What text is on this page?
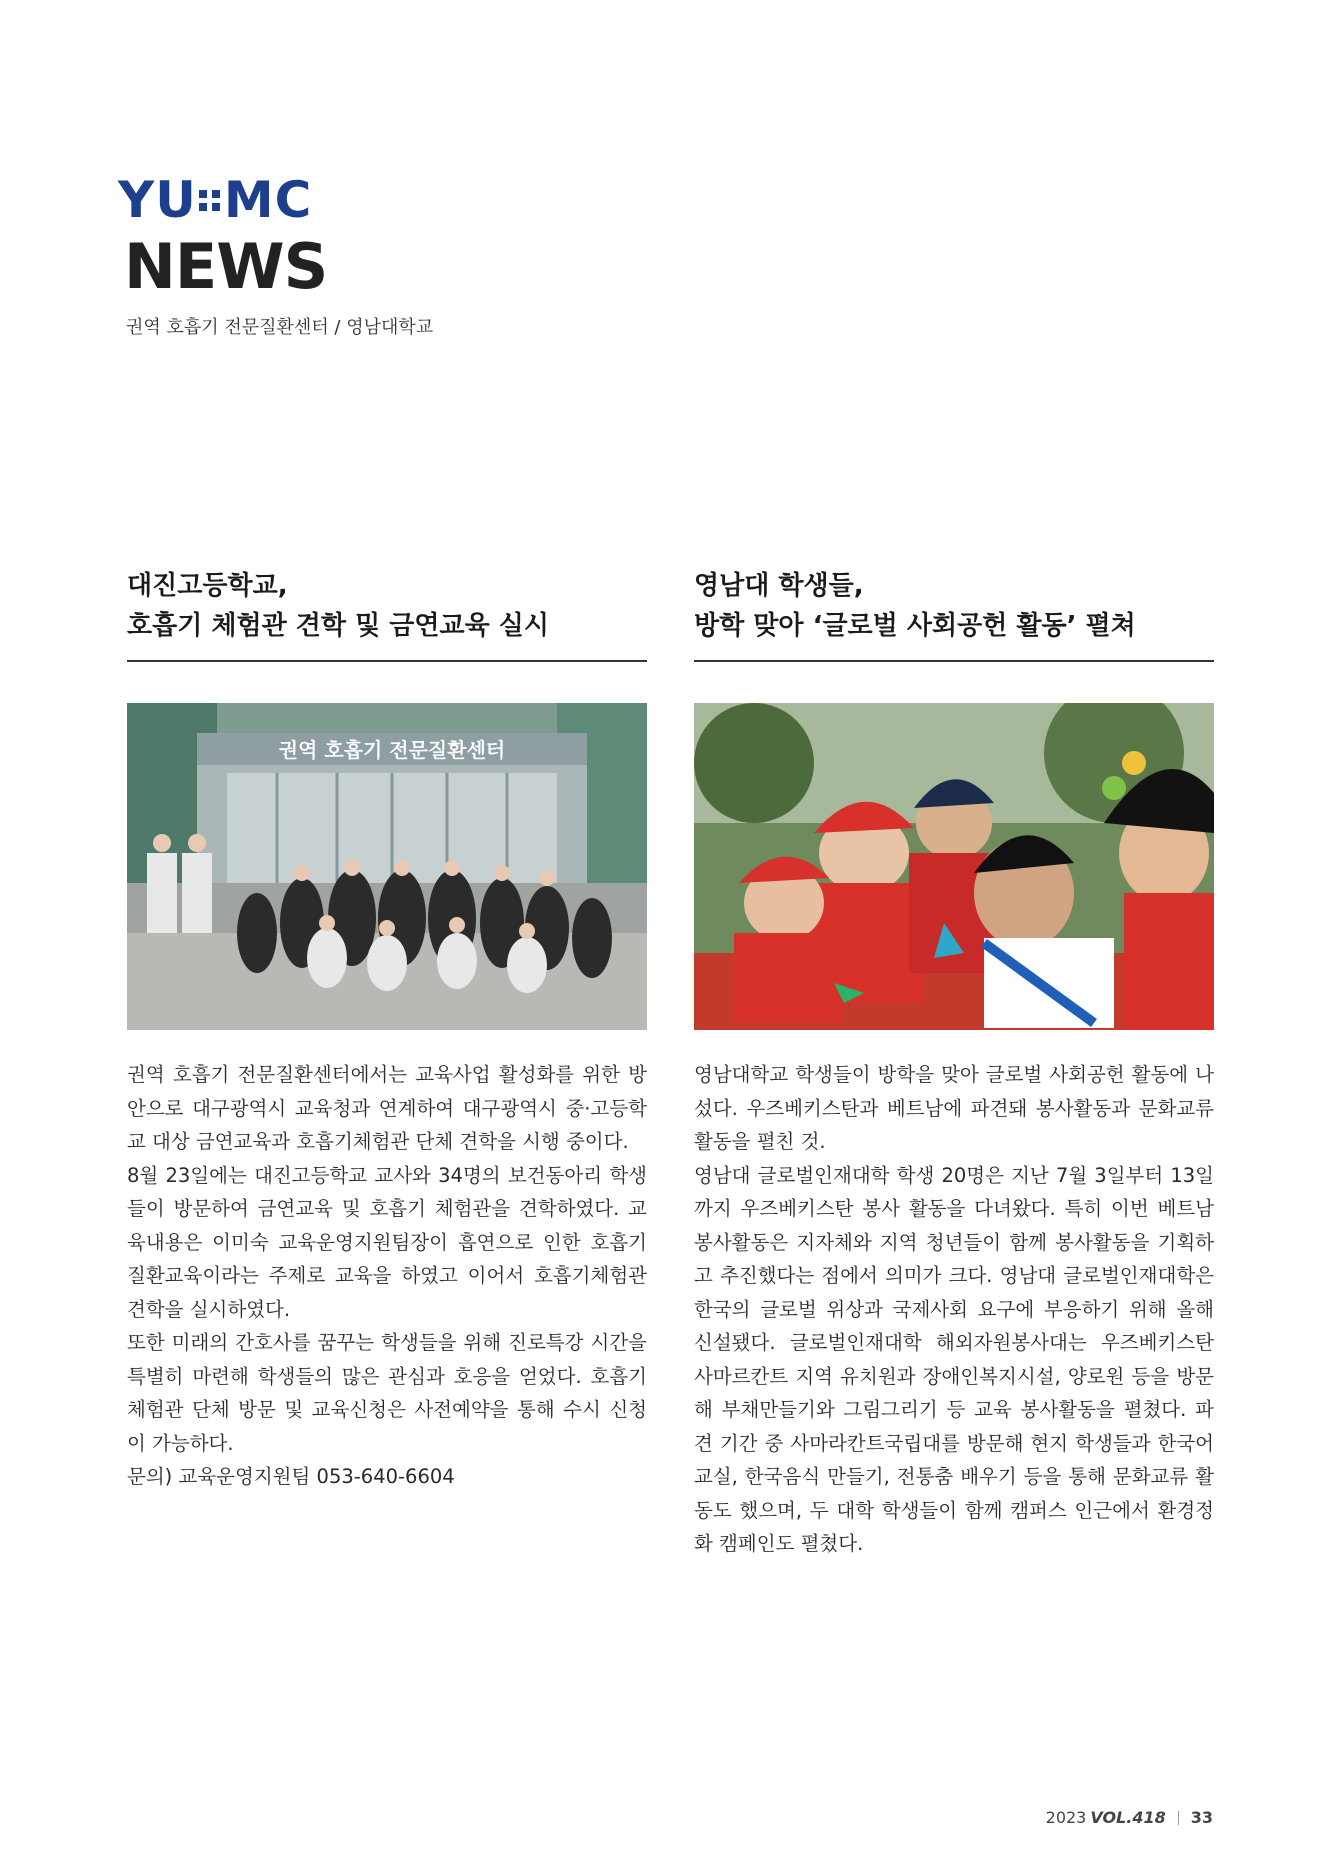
YU MC
NEWS
권역 호흡기 전문질환센터 / 영남대학교
대진고등학교,
호흡기 체험관 견학 및 금연교육 실시
권역 호흡기 전문질환센터

권역 호흡기 전문질환센터에서는 교육사업 활성화를 위한 방안으로 대구광역시 교육청과 연계하여 대구광역시 중·고등학교 대상 금연교육과 호흡기체험관 단체 견학을 시행 중이다.

8월 23일에는 대진고등학교 교사와 34명의 보건동아리 학생들이 방문하여 금연교육 및 호흡기 체험관을 견학하였다. 교육내용은 이미숙 교육운영지원팀장이 흡연으로 인한 호흡기 질환교육이라는 주제로 교육을 하였고 이어서 호흡기체험관 견학을 실시하였다.

또한 미래의 간호사를 꿈꾸는 학생들을 위해 진로특강 시간을 특별히 마련해 학생들의 많은 관심과 호응을 얻었다. 호흡기체험관 단체 방문 및 교육신청은 사전예약을 통해 수시 신청이 가능하다.

문의) 교육운영지원팀 053-640-6604

영남대 학생들,
방학 맞아 ‘글로벌 사회공헌 활동’ 펼쳐

영남대학교 학생들이 방학을 맞아 글로벌 사회공헌 활동에 나섰다. 우즈베키스탄과 베트남에 파견돼 봉사활동과 문화교류 활동을 펼친 것.

영남대 글로벌인재대학 학생 20명은 지난 7월 3일부터 13일까지 우즈베키스탄 봉사 활동을 다녀왔다. 특히 이번 베트남 봉사활동은 지자체와 지역 청년들이 함께 봉사활동을 기획하고 추진했다는 점에서 의미가 크다. 영남대 글로벌인재대학은 한국의 글로벌 위상과 국제사회 요구에 부응하기 위해 올해 신설됐다. 글로벌인재대학 해외자원봉사대는 우즈베키스탄 사마르칸트 지역 유치원과 장애인복지시설, 양로원 등을 방문해 부채만들기와 그림그리기 등 교육 봉사활동을 펼쳤다. 파견 기간 중 사마라칸트국립대를 방문해 현지 학생들과 한국어교실, 한국음식 만들기, 전통춤 배우기 등을 통해 문화교류 활동도 했으며, 두 대학 학생들이 함께 캠퍼스 인근에서 환경정화 캠페인도 펼쳤다.

2023 VOL.418 33
